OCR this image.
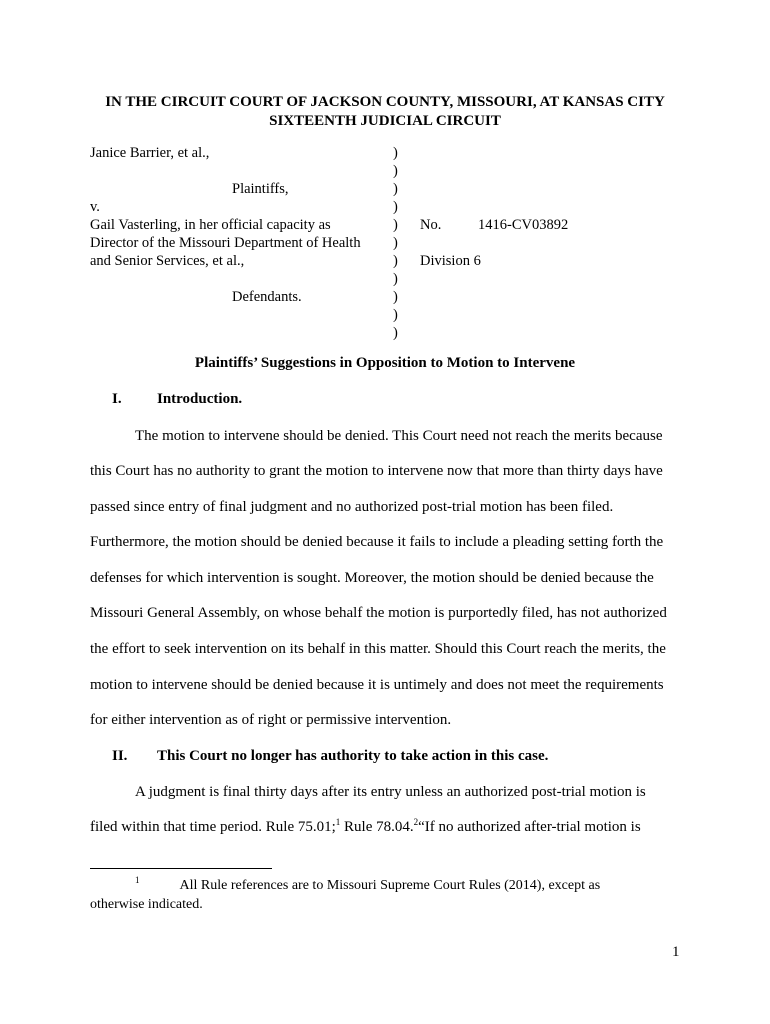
IN THE CIRCUIT COURT OF JACKSON COUNTY, MISSOURI, AT KANSAS CITY
SIXTEENTH JUDICIAL CIRCUIT
Janice Barrier, et al.,
Plaintiffs,
v.
Gail Vasterling, in her official capacity as
Director of the Missouri Department of Health
and Senior Services, et al.,
Defendants.
)
)
)
)
)
)
)
)
)
)
)
No.	1416-CV03892
Division 6
Plaintiffs’ Suggestions in Opposition to Motion to Intervene
I. Introduction.
The motion to intervene should be denied. This Court need not reach the merits because
this Court has no authority to grant the motion to intervene now that more than thirty days have
passed since entry of final judgment and no authorized post-trial motion has been filed.
Furthermore, the motion should be denied because it fails to include a pleading setting forth the
defenses for which intervention is sought. Moreover, the motion should be denied because the
Missouri General Assembly, on whose behalf the motion is purportedly filed, has not authorized
the effort to seek intervention on its behalf in this matter. Should this Court reach the merits, the
motion to intervene should be denied because it is untimely and does not meet the requirements
for either intervention as of right or permissive intervention.
II. This Court no longer has authority to take action in this case.
A judgment is final thirty days after its entry unless an authorized post-trial motion is
filed within that time period. Rule 75.01;$^1$ Rule 78.04.$^2$“If no authorized after-trial motion is
$^1$	All Rule references are to Missouri Supreme Court Rules (2014), except as
otherwise indicated.
1
